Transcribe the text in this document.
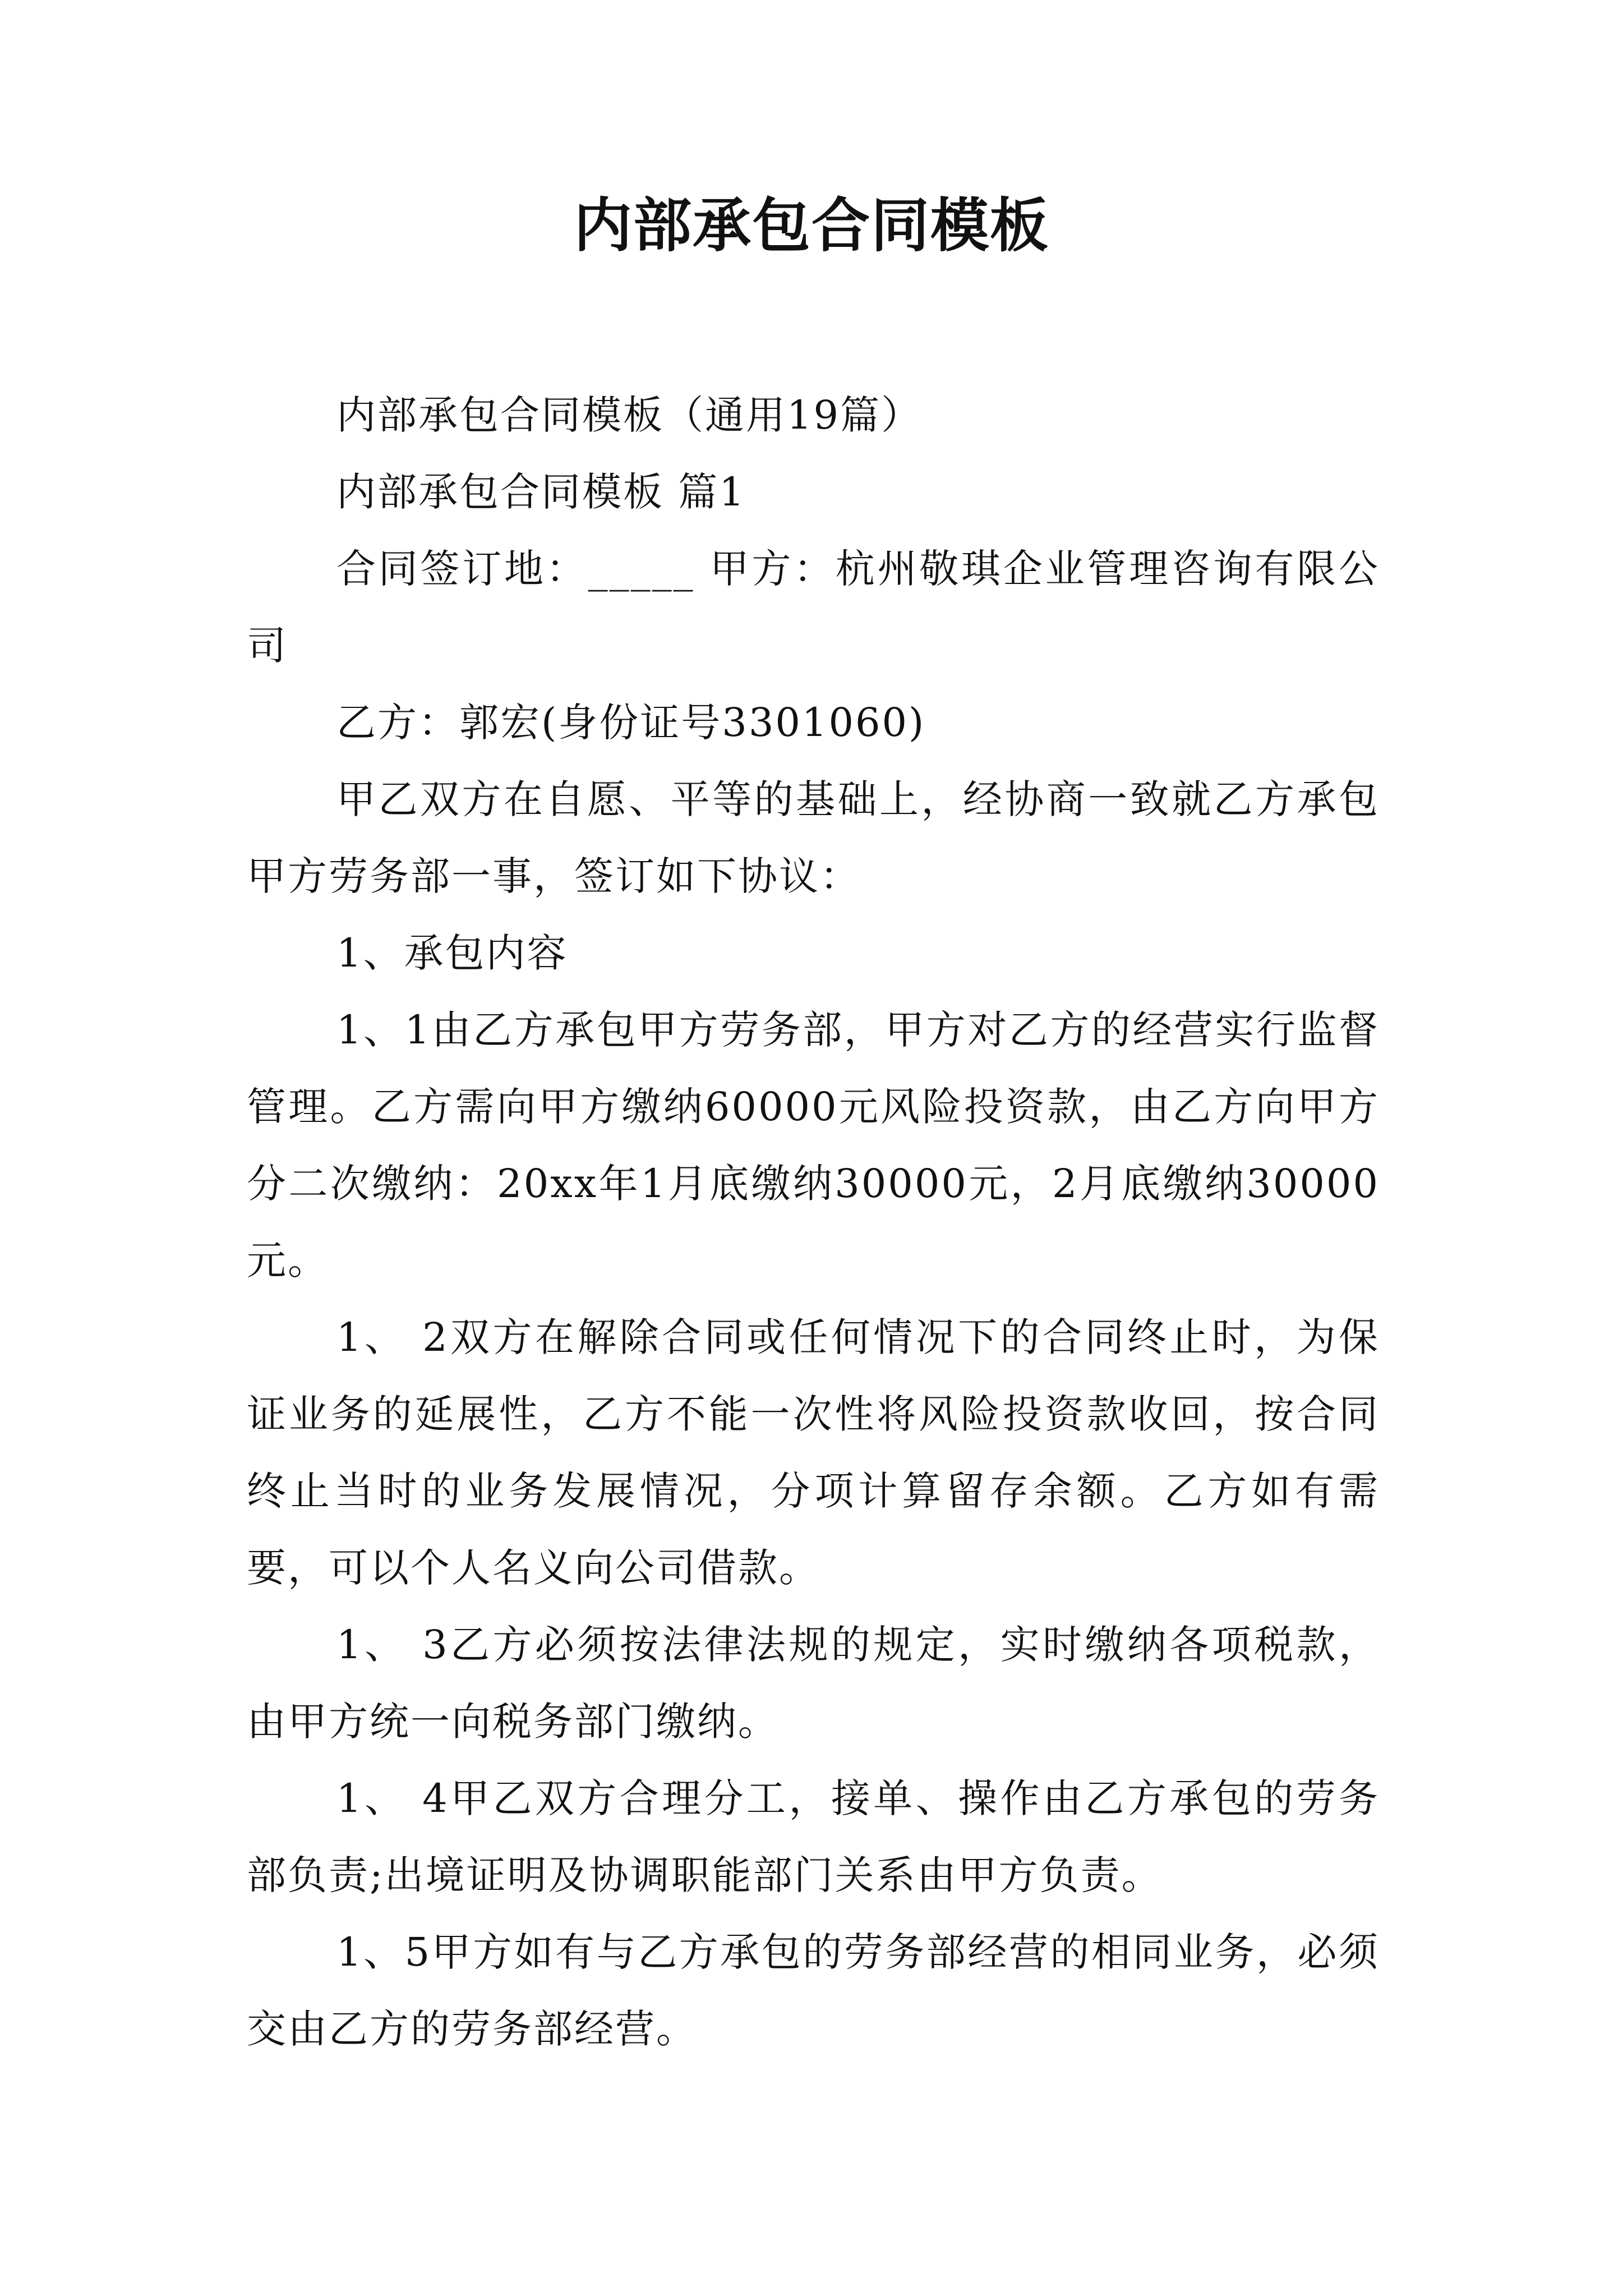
内部承包合同模板

内部承包合同模板（通用19篇）

内部承包合同模板 篇1

合同签订地：_____ 甲方：杭州敬琪企业管理咨询有限公司

乙方：郭宏(身份证号3301060)

甲乙双方在自愿、平等的基础上，经协商一致就乙方承包甲方劳务部一事，签订如下协议：

1、承包内容

1、1由乙方承包甲方劳务部，甲方对乙方的经营实行监督管理。乙方需向甲方缴纳60000元风险投资款，由乙方向甲方分二次缴纳：20xx年1月底缴纳30000元，2月底缴纳30000元。

1、 2双方在解除合同或任何情况下的合同终止时，为保证业务的延展性，乙方不能一次性将风险投资款收回，按合同终止当时的业务发展情况，分项计算留存余额。乙方如有需要，可以个人名义向公司借款。

1、 3乙方必须按法律法规的规定，实时缴纳各项税款，由甲方统一向税务部门缴纳。

1、 4甲乙双方合理分工，接单、操作由乙方承包的劳务部负责;出境证明及协调职能部门关系由甲方负责。

1、5甲方如有与乙方承包的劳务部经营的相同业务，必须交由乙方的劳务部经营。
